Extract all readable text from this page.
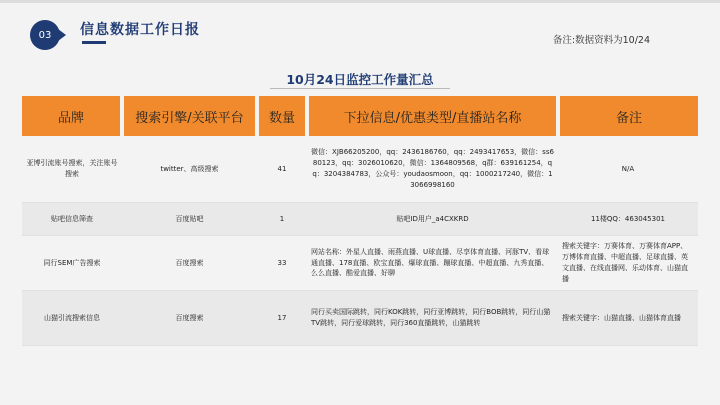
03 信息数据工作日报
备注:数据资料为10/24
10月24日监控工作量汇总
品牌	搜索引擎/关联平台	数量	下拉信息/优惠类型/直播站名称	备注
亚博引流账号搜索，关注账号搜索	twitter、高级搜索	41	微信：XJB66205200，qq：2436186760，qq：2493417653，微信：ss680123，qq：3026010620，微信：1364809568，q群：639161254，qq：3204384783，公众号：youdaosmoon，qq：1000217240，微信：13066998160	N/A
贴吧信息筛查	百度贴吧	1	贴吧ID用户_a4CXKRD	11楼QQ：463045301
同行SEM广告搜索	百度搜索	33	网站名称：外星人直播、雨燕直播、U球直播、尽享体育直播、河豚TV、看球通直播、178直播、欧宝直播、爆球直播、蹦球直播、中超直播、九秀直播、么么直播、酷爱直播、好聊	搜索关键字：万赛体育、万赛体育APP、万博体育直播、中超直播、足球直播、英文直播、在线直播网、乐动体育、山猫直播
山猫引流搜索信息	百度搜索	17	同行买卖国际跳转，同行KOK跳转，同行亚博跳转，同行BOB跳转，同行山猫TV跳转，同行爱球跳转，同行360直播跳转，山猫跳转	搜索关键字：山猫直播、山猫体育直播
